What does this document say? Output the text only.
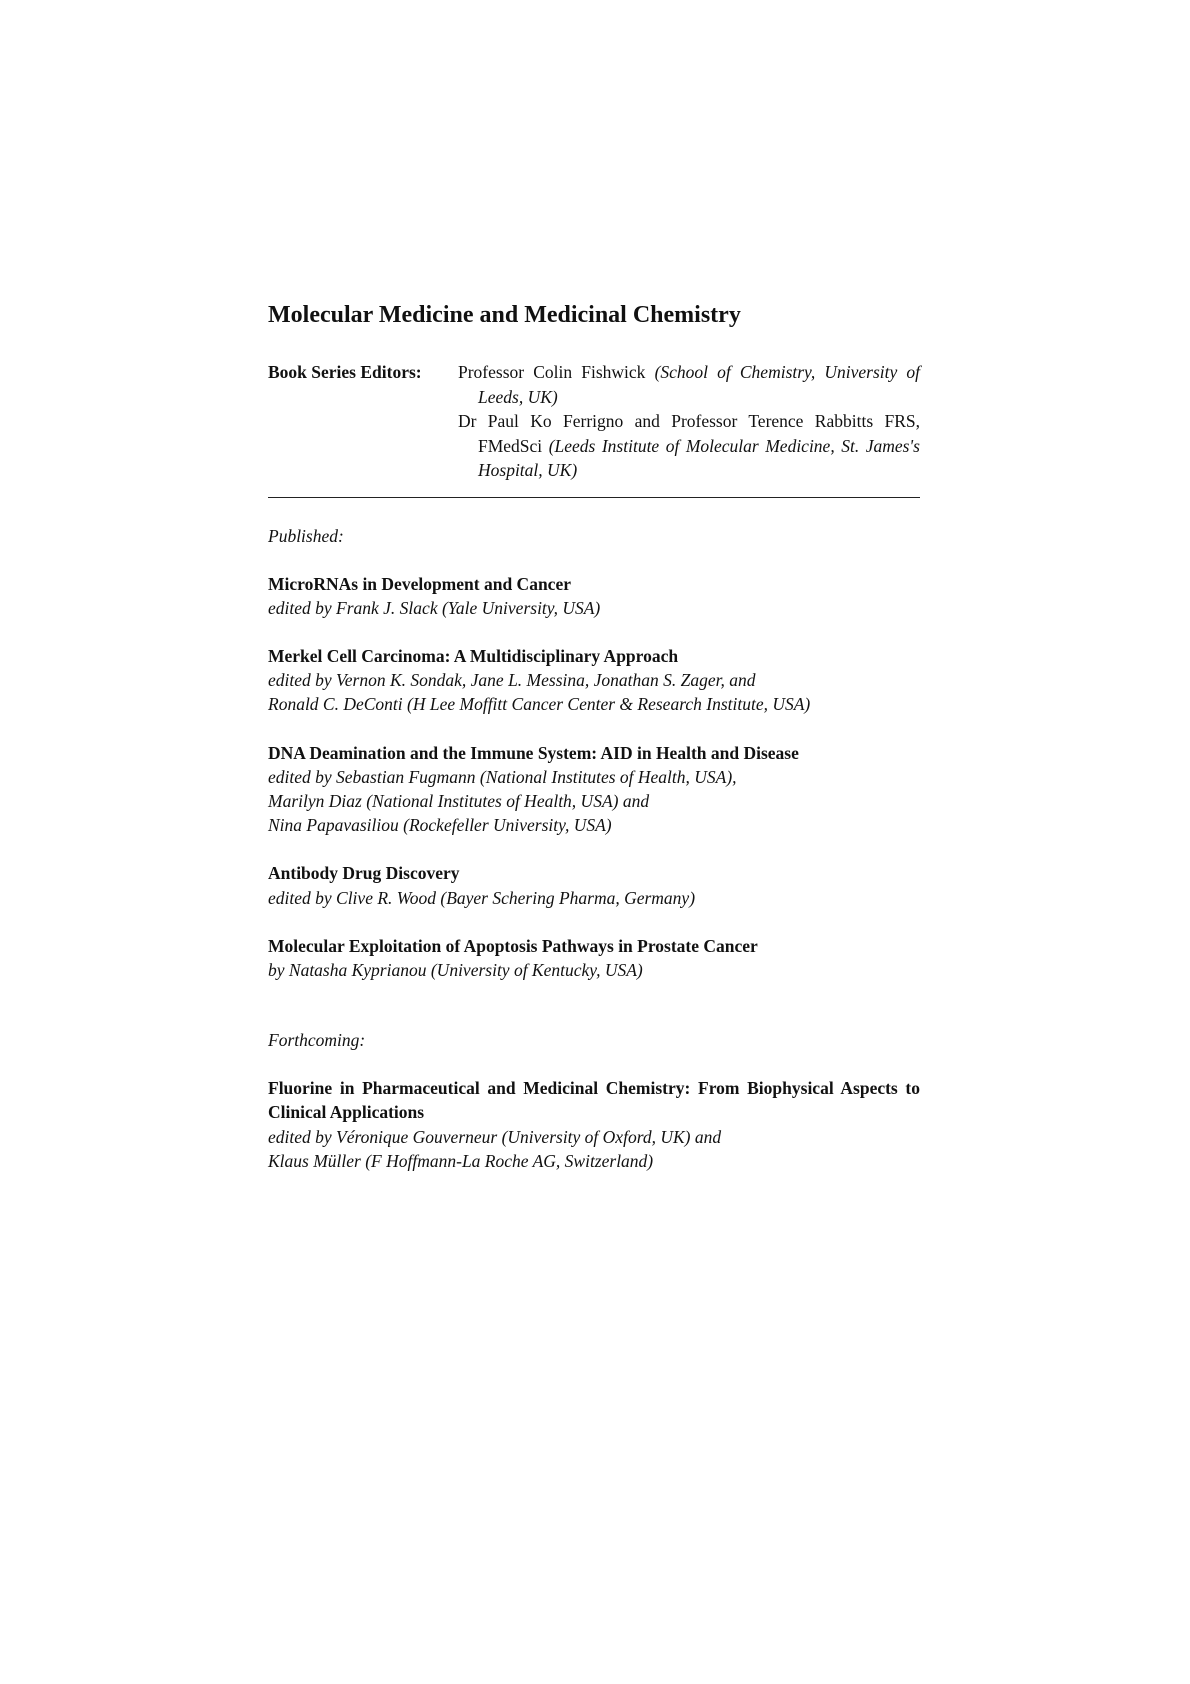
Molecular Medicine and Medicinal Chemistry
Book Series Editors:	Professor Colin Fishwick (School of Chemistry, University of Leeds, UK)
Dr Paul Ko Ferrigno and Professor Terence Rabbitts FRS, FMedSci (Leeds Institute of Molecular Medicine, St. James's Hospital, UK)
Published:
MicroRNAs in Development and Cancer
edited by Frank J. Slack (Yale University, USA)
Merkel Cell Carcinoma: A Multidisciplinary Approach
edited by Vernon K. Sondak, Jane L. Messina, Jonathan S. Zager, and
Ronald C. DeConti (H Lee Moffitt Cancer Center & Research Institute, USA)
DNA Deamination and the Immune System: AID in Health and Disease
edited by Sebastian Fugmann (National Institutes of Health, USA),
Marilyn Diaz (National Institutes of Health, USA) and
Nina Papavasiliou (Rockefeller University, USA)
Antibody Drug Discovery
edited by Clive R. Wood (Bayer Schering Pharma, Germany)
Molecular Exploitation of Apoptosis Pathways in Prostate Cancer
by Natasha Kyprianou (University of Kentucky, USA)
Forthcoming:
Fluorine in Pharmaceutical and Medicinal Chemistry: From Biophysical Aspects to Clinical Applications
edited by Véronique Gouverneur (University of Oxford, UK) and
Klaus Müller (F Hoffmann-La Roche AG, Switzerland)
